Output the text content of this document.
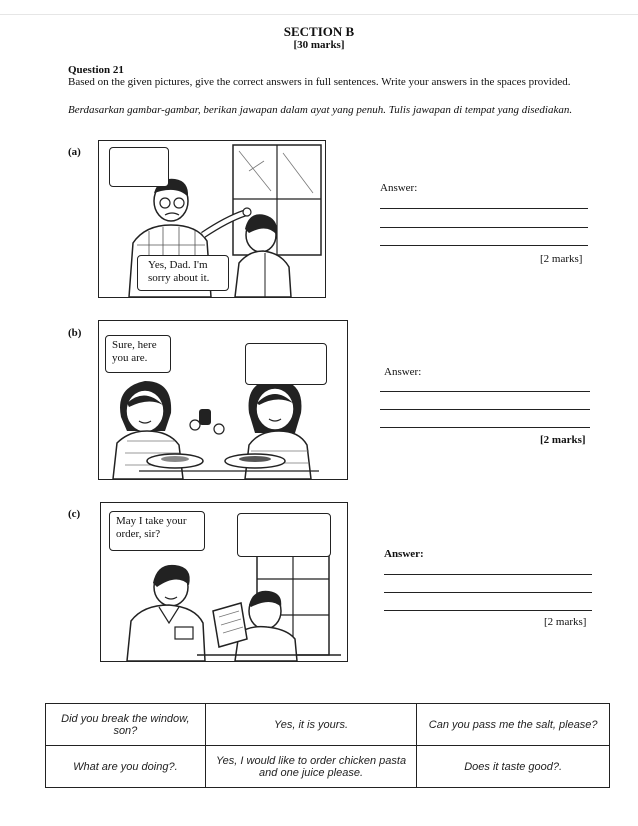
SECTION B
[30 marks]
Question 21
Based on the given pictures, give the correct answers in full sentences. Write your answers in the spaces provided.
Berdasarkan gambar-gambar, berikan jawapan dalam ayat yang penuh. Tulis jawapan di tempat yang disediakan.
(a)
Yes, Dad. I'm sorry about it.
Answer:
[2 marks]
(b)
Sure, here you are.
Answer:
[2 marks]
(c)
May I take your order, sir?
Answer:
[2 marks]
Did you break the window, son?	Yes, it is yours.	Can you pass me the salt, please?
What are you doing?.	Yes, I would like to order chicken pasta and one juice please.	Does it taste good?.
